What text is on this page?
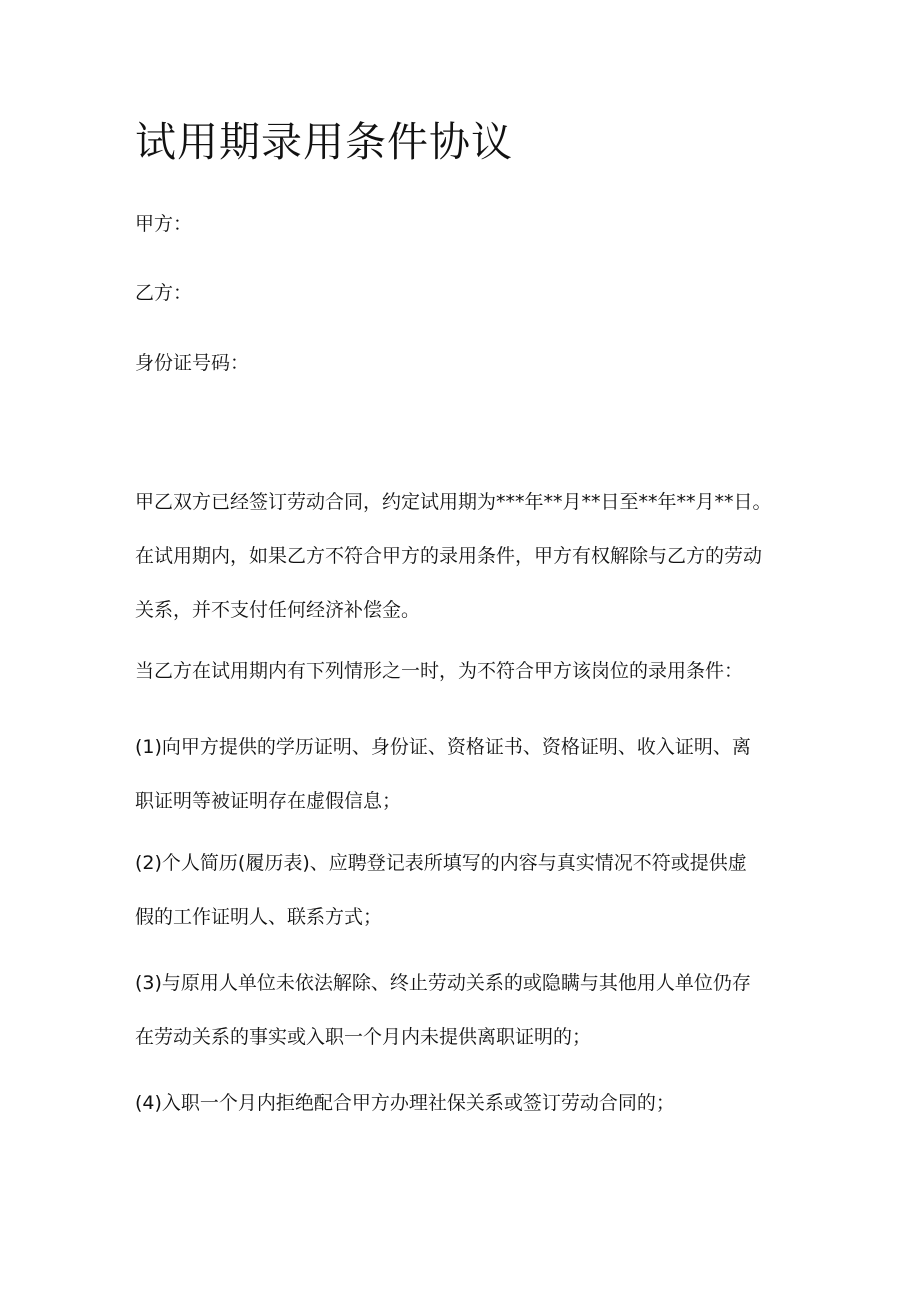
试用期录用条件协议
甲方：
乙方：
身份证号码：

甲乙双方已经签订劳动合同，约定试用期为***年**月**日至**年**月**日。
在试用期内，如果乙方不符合甲方的录用条件，甲方有权解除与乙方的劳动
关系，并不支付任何经济补偿金。

当乙方在试用期内有下列情形之一时，为不符合甲方该岗位的录用条件：

(1)向甲方提供的学历证明、身份证、资格证书、资格证明、收入证明、离
职证明等被证明存在虚假信息；

(2)个人简历(履历表)、应聘登记表所填写的内容与真实情况不符或提供虚
假的工作证明人、联系方式；

(3)与原用人单位未依法解除、终止劳动关系的或隐瞒与其他用人单位仍存
在劳动关系的事实或入职一个月内未提供离职证明的；

(4)入职一个月内拒绝配合甲方办理社保关系或签订劳动合同的；
